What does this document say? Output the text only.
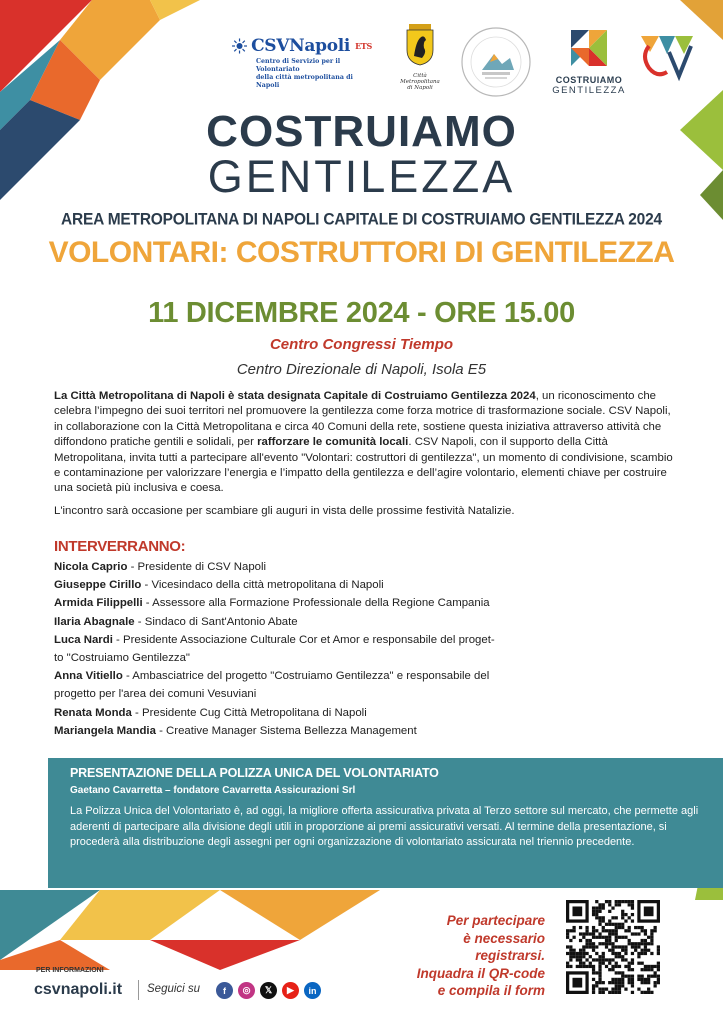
CSVNapoli ETS
Centro di Servizio per il Volontariato
della città metropolitana di Napoli
Città Metropolitana
di Napoli
COSTRUIAMO
GENTILEZZA
COSTRUIAMO
GENTILEZZA
AREA METROPOLITANA DI NAPOLI CAPITALE DI COSTRUIAMO GENTILEZZA 2024
VOLONTARI: COSTRUTTORI DI GENTILEZZA
11 DICEMBRE 2024 - ORE 15.00
Centro Congressi Tiempo
Centro Direzionale di Napoli, Isola E5

La Città Metropolitana di Napoli è stata designata Capitale di Costruiamo Gentilezza 2024, un riconoscimento che celebra l’impegno dei suoi territori nel promuovere la gentilezza come forza motrice di trasformazione sociale. CSV Napoli, in collaborazione con la Città Metropolitana e circa 40 Comuni della rete, sostiene questa iniziativa attraverso attività che diffondono pratiche gentili e solidali, per rafforzare le comunità locali. CSV Napoli, con il supporto della Città Metropolitana, invita tutti a partecipare all'evento "Volontari: costruttori di gentilezza", un momento di condivisione, scambio e contaminazione per valorizzare l’energia e l’impatto della gentilezza e dell’agire volontario, elementi chiave per costruire una società più inclusiva e coesa.

L'incontro sarà occasione per scambiare gli auguri in vista delle prossime festività Natalizie.

INTERVERRANNO:
Nicola Caprio - Presidente di CSV Napoli
Giuseppe Cirillo - Vicesindaco della città metropolitana di Napoli
Armida Filippelli - Assessore alla Formazione Professionale della Regione Campania
Ilaria Abagnale - Sindaco di Sant'Antonio Abate
Luca Nardi - Presidente Associazione Culturale Cor et Amor e responsabile del proget-
to "Costruiamo Gentilezza"
Anna Vitiello - Ambasciatrice del progetto "Costruiamo Gentilezza" e responsabile del
progetto per l'area dei comuni Vesuviani
Renata Monda - Presidente Cug Città Metropolitana di Napoli
Mariangela Mandia - Creative Manager Sistema Bellezza Management
PRESENTAZIONE DELLA POLIZZA UNICA DEL VOLONTARIATO
Gaetano Cavarretta – fondatore Cavarretta Assicurazioni Srl
La Polizza Unica del Volontariato è, ad oggi, la migliore offerta assicurativa privata al Terzo settore sul mercato, che permette agli aderenti di partecipare alla divisione degli utili in proporzione ai premi assicurativi versati. Al termine della presentazione, si procederà alla distribuzione degli assegni per ogni organizzazione di volontariato assicurata nel triennio precedente.
Per partecipare
è necessario registrarsi.
Inquadra il QR-code
e compila il form
PER INFORMAZIONI
csvnapoli.it Seguici su	f	◎	𝕏	▶	in
